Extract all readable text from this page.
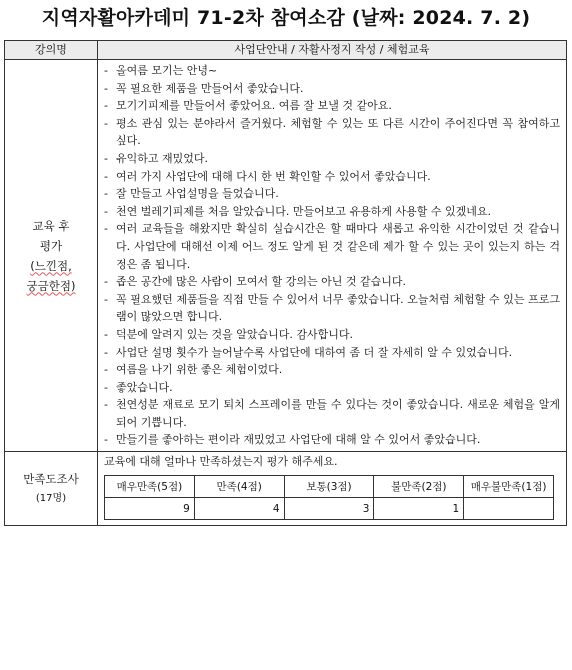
지역자활아카데미 71-2차 참여소감 (날짜: 2024. 7. 2)
강의명	사업단안내 / 자활사정지 작성 / 체험교육

교육 후
평가
(느낀점,
궁금한점)

- 올여름 모기는 안녕~
- 꼭 필요한 제품을 만들어서 좋았습니다.
- 모기기피제를 만들어서 좋았어요. 여름 잘 보낼 것 같아요.
- 평소 관심 있는 분야라서 즐거웠다. 체험할 수 있는 또 다른 시간이 주어진다면 꼭 참여하고 싶다.
- 유익하고 재밌었다.
- 여러 가지 사업단에 대해 다시 한 번 확인할 수 있어서 좋았습니다.
- 잘 만들고 사업설명을 들었습니다.
- 천연 벌레기피제를 처음 알았습니다. 만들어보고 유용하게 사용할 수 있겠네요.
- 여러 교육들을 해왔지만 확실히 실습시간은 할 때마다 새롭고 유익한 시간이었던 것 같습니다. 사업단에 대해선 이제 어느 정도 알게 된 것 같은데 제가 할 수 있는 곳이 있는지 하는 걱정은 좀 됩니다.
- 좁은 공간에 많은 사람이 모여서 할 강의는 아닌 것 같습니다.
- 꼭 필요했던 제품들을 직접 만들 수 있어서 너무 좋았습니다. 오늘처럼 체험할 수 있는 프로그램이 많았으면 합니다.
- 덕분에 알려지 있는 것을 알았습니다. 감사합니다.
- 사업단 설명 횟수가 늘어날수록 사업단에 대하여 좀 더 잘 자세히 알 수 있었습니다.
- 여름을 나기 위한 좋은 체험이었다.
- 좋았습니다.
- 천연성분 재료로 모기 퇴치 스프레이를 만들 수 있다는 것이 좋았습니다. 새로운 체험을 알게 되어 기쁩니다.
- 만들기를 좋아하는 편이라 재밌었고 사업단에 대해 알 수 있어서 좋았습니다.

만족도조사
(17명)

교육에 대해 얼마나 만족하셨는지 평가 해주세요.
매우만족(5점)	만족(4점)	보통(3점)	불만족(2점)	매우불만족(1점)
9	4	3	1	
